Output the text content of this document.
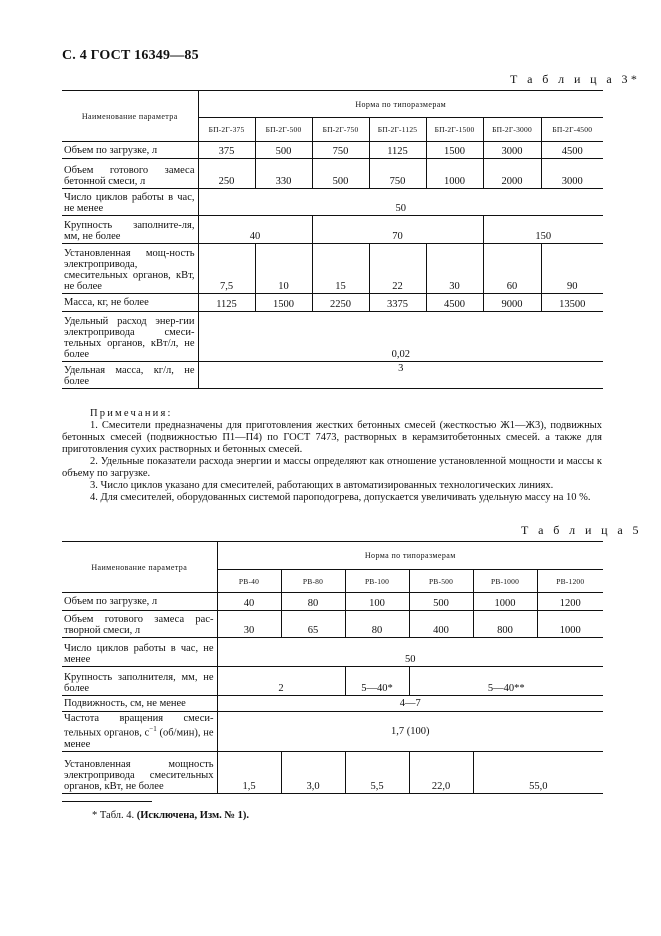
С. 4 ГОСТ 16349—85
Т а б л и ц а 3*
Наименование параметра	Норма по типоразмерам						
	БП-2Г-375	БП-2Г-500	БП-2Г-750	БП-2Г-1125	БП-2Г-1500	БП-2Г-3000	БП-2Г-4500
Объем по загрузке, л	375	500	750	1125	1500	3000	4500
Объем готового замеса бетонной смеси, л	250	330	500	750	1000	2000	3000
Число циклов работы в час, не менее	50						
Крупность заполните-ля, мм, не более	40		70			150	
Установленная мощ-ность электропривода, смесительных органов, кВт, не более	7,5	10	15	22	30	60	90
Масса, кг, не более	1125	1500	2250	3375	4500	9000	13500
Удельный расход энер-гии электропривода смеси-тельных органов, кВт/л, не более	0,02						
Удельная масса, кг/л, не более	3						
Примечания:

1. Смесители предназначены для приготовления жестких бетонных смесей (жесткостью Ж1—Ж3), подвижных бетонных смесей (подвижностью П1—П4) по ГОСТ 7473, растворных в керамзитобетонных смесей. а также для приготовления сухих растворных и бетонных смесей.

2. Удельные показатели расхода энергии и массы определяют как отношение установленной мощности и массы к объему по загрузке.

3. Число циклов указано для смесителей, работающих в автоматизированных технологических линиях.

4. Для смесителей, оборудованных системой пароподогрева, допускается увеличивать удельную массу на 10 %.

Т а б л и ц а 5
Наименование параметра	Норма по типоразмерам					
	РВ-40	РВ-80	РВ-100	РВ-500	РВ-1000	РВ-1200
Объем по загрузке, л	40	80	100	500	1000	1200
Объем готового замеса рас-творной смеси, л	30	65	80	400	800	1000
Число циклов работы в час, не менее	50					
Крупность заполнителя, мм, не более	2		5—40*	5—40**		
Подвижность, см, не менее	4—7					
Частота вращения смеси-тельных органов, $с^{-1}$ (об/мин), не менее	1,7 (100)					
Установленная мощность электропривода смесительных органов, кВт, не более	1,5	3,0	5,5	22,0	55,0	
* Табл. 4. (Исключена, Изм. № 1).
